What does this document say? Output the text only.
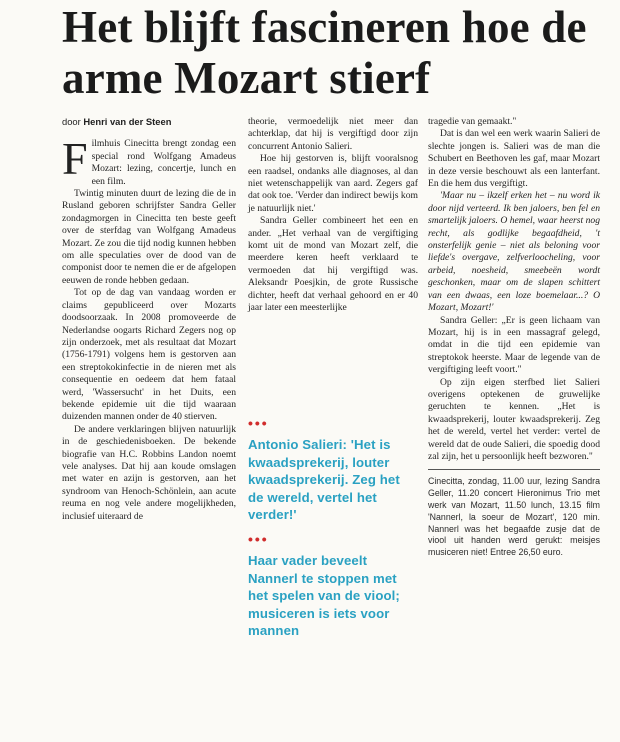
Het blijft fascineren hoe de arme Mozart stierf
door Henri van der Steen

Filmhuis Cinecitta brengt zondag een special rond Wolfgang Amadeus Mozart: lezing, concertje, lunch en een film.

Twintig minuten duurt de lezing die de in Rusland geboren schrijfster Sandra Geller zondagmorgen in Cinecitta ten beste geeft over de sterfdag van Wolfgang Amadeus Mozart. Ze zou die tijd nodig kunnen hebben om alle speculaties over de dood van de componist door te nemen die er de afgelopen eeuwen de ronde hebben gedaan.

Tot op de dag van vandaag worden er claims gepubliceerd over Mozarts doodsoorzaak. In 2008 promoveerde de Nederlandse oogarts Richard Zegers nog op zijn onderzoek, met als resultaat dat Mozart (1756-1791) volgens hem is gestorven aan een streptokokinfectie in de nieren met als consequentie en oedeem dat hem fataal werd, 'Wassersucht' in het Duits, een bekende epidemie uit die tijd waaraan duizenden mannen onder de 40 stierven.

De andere verklaringen blijven natuurlijk in de geschiedenisboeken. De bekende biografie van H.C. Robbins Landon noemt vele analyses. Dat hij aan koude omslagen met water en azijn is gestorven, aan het syndroom van Henoch-Schönlein, aan acute reuma en nog vele andere mogelijkheden, inclusief uiteraard de

theorie, vermoedelijk niet meer dan achterklap, dat hij is vergiftigd door zijn concurrent Antonio Salieri.

Hoe hij gestorven is, blijft vooralsnog een raadsel, ondanks alle diagnoses, al dan niet wetenschappelijk van aard. Zegers gaf dat ook toe. 'Verder dan indirect bewijs kom je natuurlijk niet.'

Sandra Geller combineert het een en ander. „Het verhaal van de vergiftiging komt uit de mond van Mozart zelf, die meerdere keren heeft verklaard te vermoeden dat hij vergiftigd was. Aleksandr Poesjkin, de grote Russische dichter, heeft dat verhaal gehoord en er 40 jaar later een meesterlijke

•••
Antonio Salieri: 'Het is kwaadsprekerij, louter kwaadsprekerij. Zeg het de wereld, vertel het verder!'
•••
Haar vader beveelt Nannerl te stoppen met het spelen van de viool; musiceren is iets voor mannen

tragedie van gemaakt."

Dat is dan wel een werk waarin Salieri de slechte jongen is. Salieri was de man die Schubert en Beethoven les gaf, maar Mozart in deze versie beschouwt als een lanterfant. En die hem dus vergiftigt.

'Maar nu – ikzelf erken het – nu word ik door nijd verteerd. Ik ben jaloers, ben fel en smartelijk jaloers. O hemel, waar heerst nog recht, als godlijke begaafdheid, 't onsterfelijk genie – niet als beloning voor liefde's overgave, zelfverloocheling, voor arbeid, noesheid, smeebeën wordt geschonken, maar om de slapen schittert van een dwaas, een loze boemelaar...? O Mozart, Mozart!'

Sandra Geller: „Er is geen lichaam van Mozart, hij is in een massagraf gelegd, omdat in die tijd een epidemie van streptokok heerste. Maar de legende van de vergiftiging leeft voort."

Op zijn eigen sterfbed liet Salieri overigens optekenen de gruwelijke geruchten te kennen. „Het is kwaadsprekerij, louter kwaadsprekerij. Zeg het de wereld, vertel het verder: vertel de wereld dat de oude Salieri, die spoedig dood zal zijn, het u persoonlijk heeft bezworen."

Cinecitta, zondag, 11.00 uur, lezing Sandra Geller, 11.20 concert Hieronimus Trio met werk van Mozart, 11.50 lunch, 13.15 film 'Nannerl, la soeur de Mozart', 120 min. Nannerl was het begaafde zusje dat de viool uit handen werd gerukt: meisjes musiceren niet! Entree 26,50 euro.
